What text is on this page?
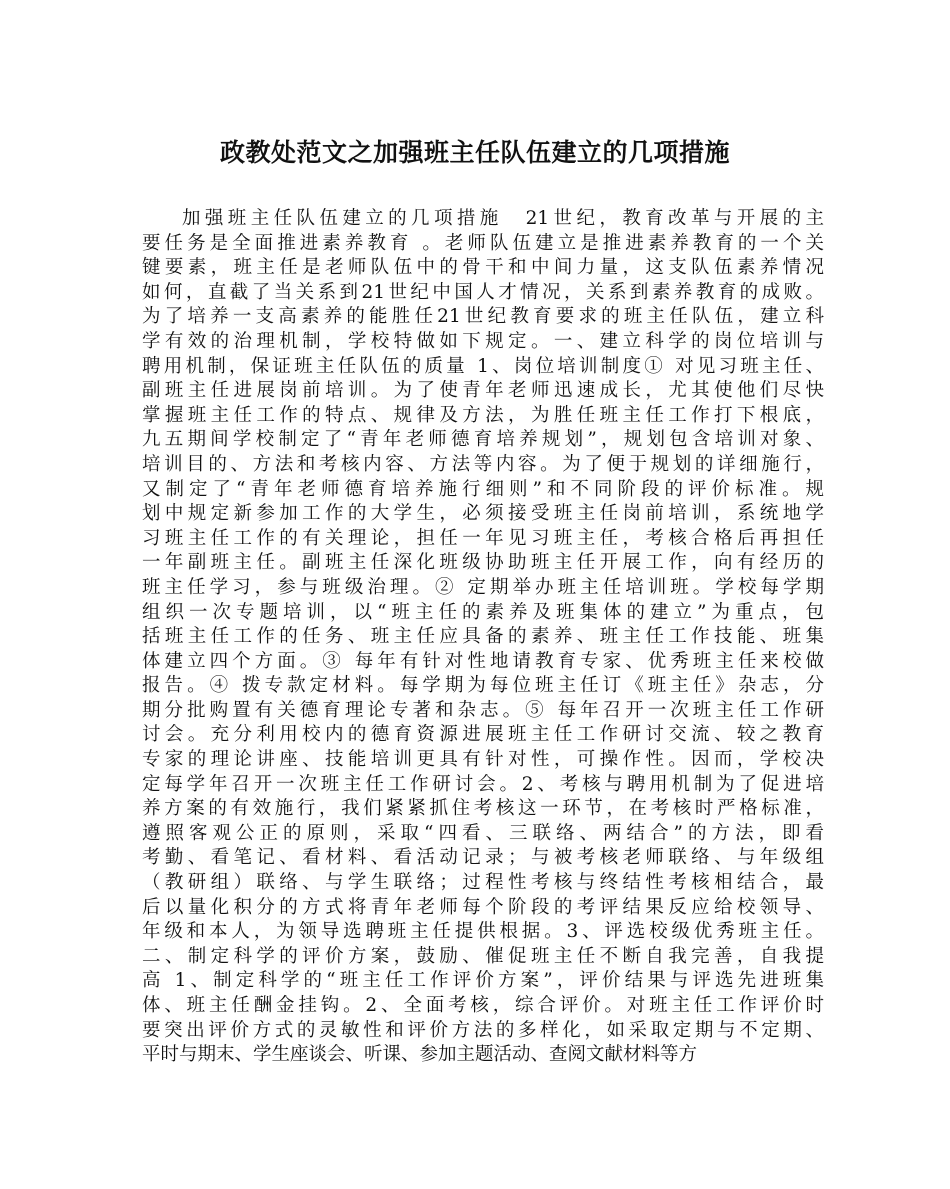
政教处范文之加强班主任队伍建立的几项措施
加强班主任队伍建立的几项措施　21世纪，教育改革与开展的主
要任务是全面推进素养教育 。老师队伍建立是推进素养教育的一个关
键要素，班主任是老师队伍中的骨干和中间力量，这支队伍素养情况
如何，直截了当关系到21世纪中国人才情况，关系到素养教育的成败。
为了培养一支高素养的能胜任21世纪教育要求的班主任队伍，建立科
学有效的治理机制，学校特做如下规定。一、建立科学的岗位培训与
聘用机制，保证班主任队伍的质量 1、岗位培训制度① 对见习班主任、
副班主任进展岗前培训。为了使青年老师迅速成长，尤其使他们尽快
掌握班主任工作的特点、规律及方法，为胜任班主任工作打下根底，
九五期间学校制定了“青年老师德育培养规划”，规划包含培训对象、
培训目的、方法和考核内容、方法等内容。为了便于规划的详细施行，
又制定了“青年老师德育培养施行细则”和不同阶段的评价标准。规
划中规定新参加工作的大学生，必须接受班主任岗前培训，系统地学
习班主任工作的有关理论，担任一年见习班主任，考核合格后再担任
一年副班主任。副班主任深化班级协助班主任开展工作，向有经历的
班主任学习，参与班级治理。② 定期举办班主任培训班。学校每学期
组织一次专题培训，以“班主任的素养及班集体的建立”为重点，包
括班主任工作的任务、班主任应具备的素养、班主任工作技能、班集
体建立四个方面。③ 每年有针对性地请教育专家、优秀班主任来校做
报告。④ 拨专款定材料。每学期为每位班主任订《班主任》杂志，分
期分批购置有关德育理论专著和杂志。⑤ 每年召开一次班主任工作研
讨会。充分利用校内的德育资源进展班主任工作研讨交流、较之教育
专家的理论讲座、技能培训更具有针对性，可操作性。因而，学校决
定每学年召开一次班主任工作研讨会。2、考核与聘用机制为了促进培
养方案的有效施行，我们紧紧抓住考核这一环节，在考核时严格标准，
遵照客观公正的原则，采取“四看、三联络、两结合”的方法，即看
考勤、看笔记、看材料、看活动记录；与被考核老师联络、与年级组
（教研组）联络、与学生联络；过程性考核与终结性考核相结合，最
后以量化积分的方式将青年老师每个阶段的考评结果反应给校领导、
年级和本人，为领导选聘班主任提供根据。3、评选校级优秀班主任。
二、制定科学的评价方案，鼓励、催促班主任不断自我完善，自我提
高 1、制定科学的“班主任工作评价方案”，评价结果与评选先进班集
体、班主任酬金挂钩。2、全面考核，综合评价。对班主任工作评价时
要突出评价方式的灵敏性和评价方法的多样化，如采取定期与不定期、
平时与期末、学生座谈会、听课、参加主题活动、查阅文献材料等方
